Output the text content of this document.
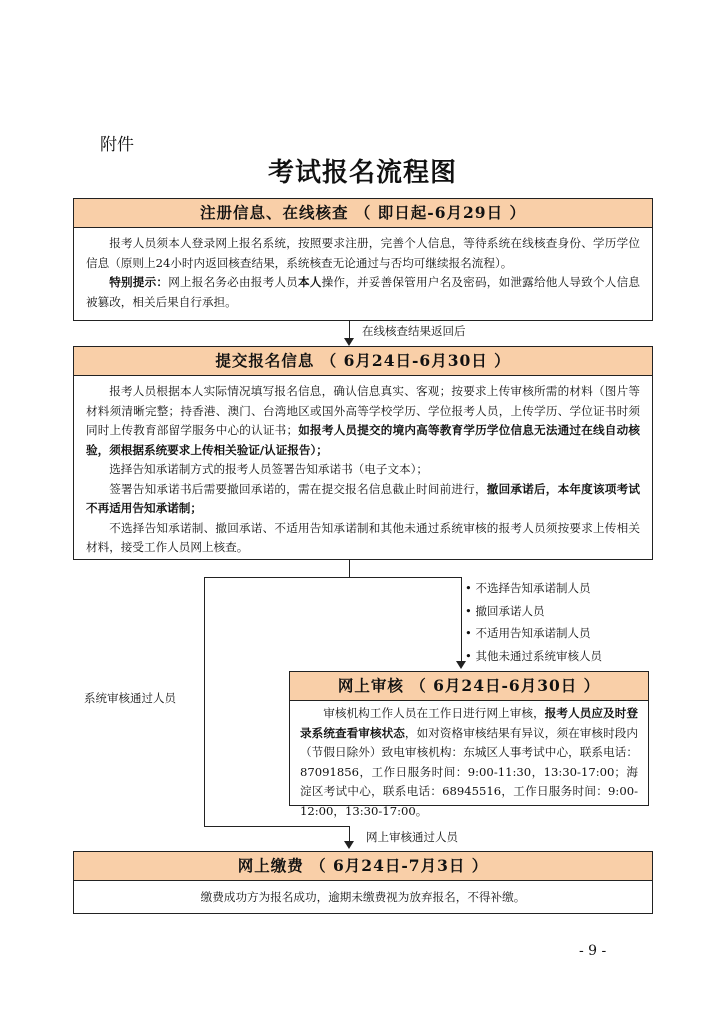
附件
考试报名流程图
注册信息、在线核查 （ 即日起-6月29日 ）

报考人员须本人登录网上报名系统，按照要求注册，完善个人信息，等待系统在线核查身份、学历学位信息（原则上24小时内返回核查结果，系统核查无论通过与否均可继续报名流程）。

特别提示：网上报名务必由报考人员本人操作，并妥善保管用户名及密码，如泄露给他人导致个人信息被篡改，相关后果自行承担。

在线核查结果返回后
提交报名信息 （ 6月24日-6月30日 ）

报考人员根据本人实际情况填写报名信息，确认信息真实、客观；按要求上传审核所需的材料（图片等材料须清晰完整；持香港、澳门、台湾地区或国外高等学校学历、学位报考人员，上传学历、学位证书时须同时上传教育部留学服务中心的认证书；如报考人员提交的境内高等教育学历学位信息无法通过在线自动核验，须根据系统要求上传相关验证/认证报告）；

选择告知承诺制方式的报考人员签署告知承诺书（电子文本）；

签署告知承诺书后需要撤回承诺的，需在提交报名信息截止时间前进行，撤回承诺后，本年度该项考试不再适用告知承诺制；

不选择告知承诺制、撤回承诺、不适用告知承诺制和其他未通过系统审核的报考人员须按要求上传相关材料，接受工作人员网上核查。

系统审核通过人员
• 不选择告知承诺制人员
• 撤回承诺人员
• 不适用告知承诺制人员
• 其他未通过系统审核人员
网上审核 （ 6月24日-6月30日 ）

审核机构工作人员在工作日进行网上审核，报考人员应及时登录系统查看审核状态，如对资格审核结果有异议，须在审核时段内（节假日除外）致电审核机构：东城区人事考试中心，联系电话：87091856，工作日服务时间：9:00-11:30，13:30-17:00；海淀区考试中心，联系电话：68945516，工作日服务时间：9:00-12:00，13:30-17:00。

网上审核通过人员
网上缴费 （ 6月24日-7月3日 ）
缴费成功方为报名成功，逾期未缴费视为放弃报名，不得补缴。
- 9 -
